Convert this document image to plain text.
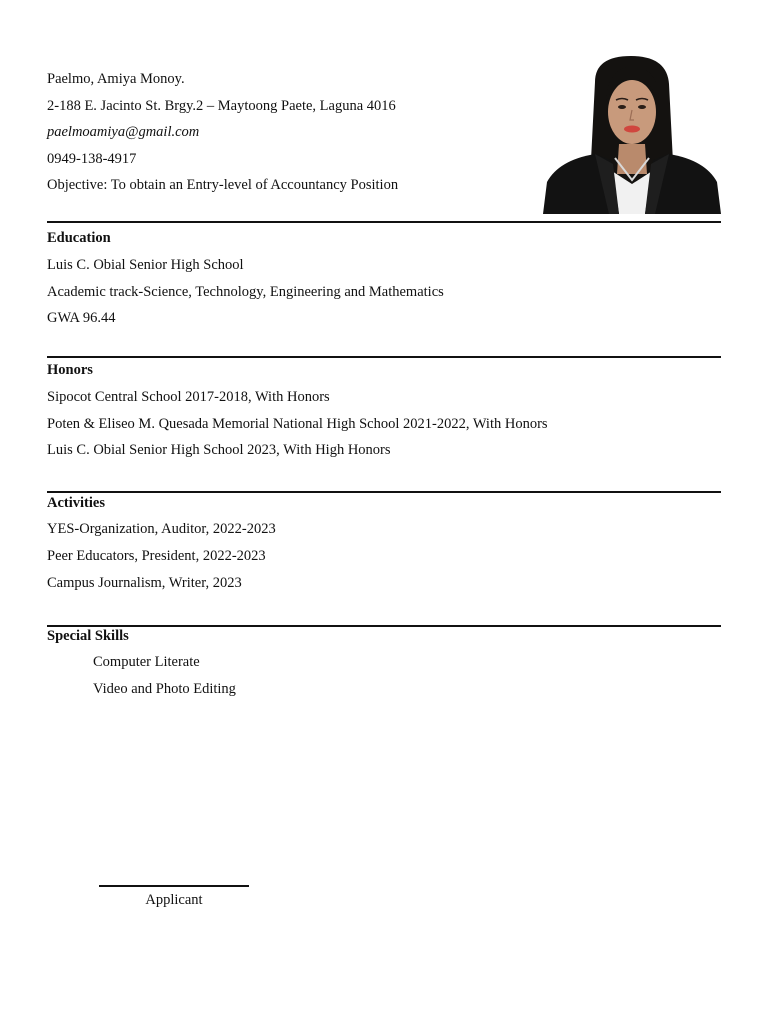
Paelmo, Amiya Monoy.
2-188 E. Jacinto St. Brgy.2 – Maytoong Paete, Laguna 4016
paelmoamiya@gmail.com
0949-138-4917
Objective: To obtain an Entry-level of Accountancy Position
Education
Luis C. Obial Senior High School
Academic track-Science, Technology, Engineering and Mathematics
GWA 96.44
Honors
Sipocot Central School 2017-2018, With Honors
Poten & Eliseo M. Quesada Memorial National High School 2021-2022, With Honors
Luis C. Obial Senior High School 2023, With High Honors
Activities
YES-Organization, Auditor, 2022-2023
Peer Educators, President, 2022-2023
Campus Journalism, Writer, 2023
Special Skills
Computer Literate
Video and Photo Editing
Applicant
